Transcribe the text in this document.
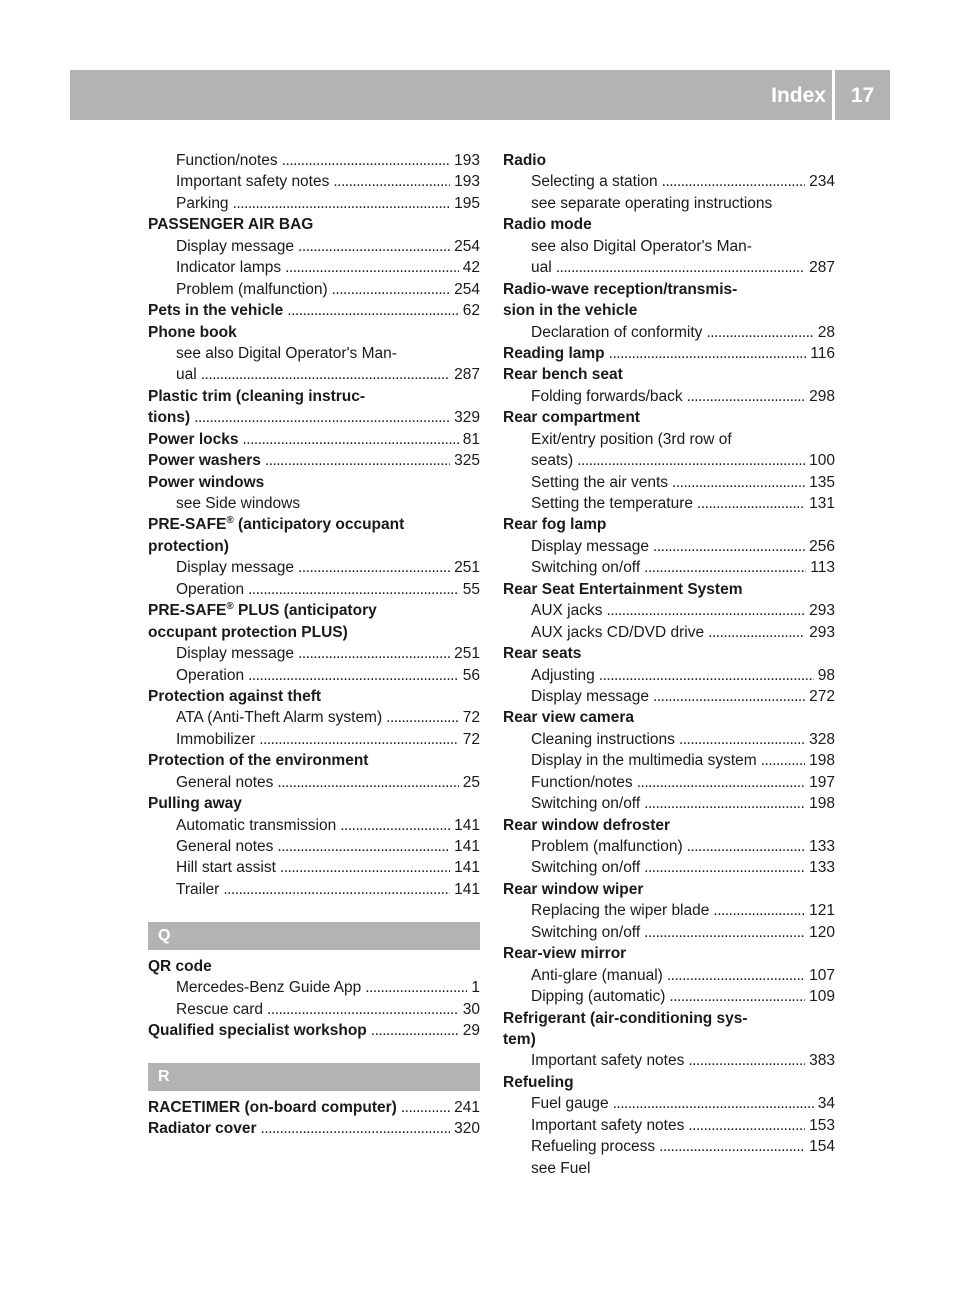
Index	17
Function/notes . . .	193
Important safety notes . . .	193
Parking . . .	195
PASSENGER AIR BAG
Display message . . .	254
Indicator lamps . . .	42
Problem (malfunction) . . .	254
Pets in the vehicle . . .	62
Phone book
see also Digital Operator's Man-
ual . . .	287
Plastic trim (cleaning instruc-
tions) . . .	329
Power locks . . .	81
Power washers . . .	325
Power windows
see Side windows
PRE-SAFE® (anticipatory occupant
protection)
Display message . . .	251
Operation . . .	55
PRE-SAFE® PLUS (anticipatory
occupant protection PLUS)
Display message . . .	251
Operation . . .	56
Protection against theft
ATA (Anti-Theft Alarm system) . . .	72
Immobilizer . . .	72
Protection of the environment
General notes . . .	25
Pulling away
Automatic transmission . . .	141
General notes . . .	141
Hill start assist . . .	141
Trailer . . .	141
Q
QR code
Mercedes-Benz Guide App . . .	1
Rescue card . . .	30
Qualified specialist workshop . . .	29
R
RACETIMER (on-board computer) . . .	241
Radiator cover . . .	320
Radio
Selecting a station . . .	234
see separate operating instructions
Radio mode
see also Digital Operator's Man-
ual . . .	287
Radio-wave reception/transmis-
sion in the vehicle
Declaration of conformity . . .	28
Reading lamp . . .	116
Rear bench seat
Folding forwards/back . . .	298
Rear compartment
Exit/entry position (3rd row of
seats) . . .	100
Setting the air vents . . .	135
Setting the temperature . . .	131
Rear fog lamp
Display message . . .	256
Switching on/off . . .	113
Rear Seat Entertainment System
AUX jacks . . .	293
AUX jacks CD/DVD drive . . .	293
Rear seats
Adjusting . . .	98
Display message . . .	272
Rear view camera
Cleaning instructions . . .	328
Display in the multimedia system . . .	198
Function/notes . . .	197
Switching on/off . . .	198
Rear window defroster
Problem (malfunction) . . .	133
Switching on/off . . .	133
Rear window wiper
Replacing the wiper blade . . .	121
Switching on/off . . .	120
Rear-view mirror
Anti-glare (manual) . . .	107
Dipping (automatic) . . .	109
Refrigerant (air-conditioning sys-
tem)
Important safety notes . . .	383
Refueling
Fuel gauge . . .	34
Important safety notes . . .	153
Refueling process . . .	154
see Fuel
